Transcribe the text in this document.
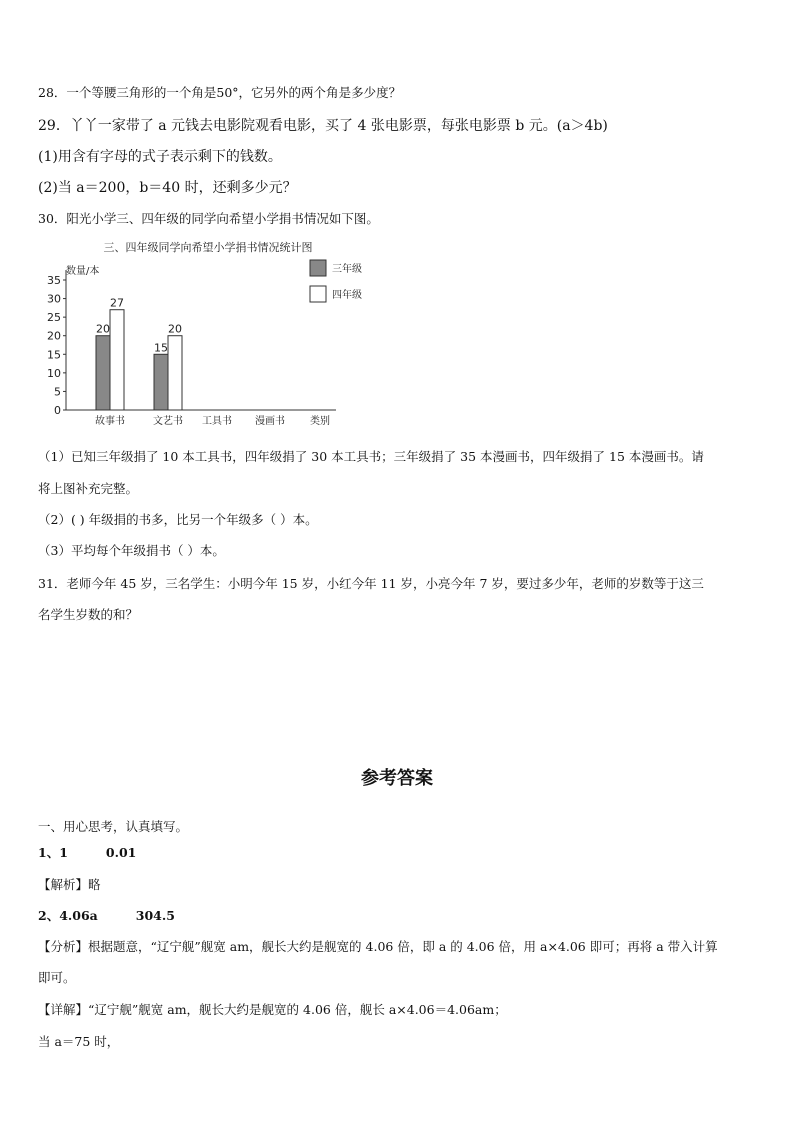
28．一个等腰三角形的一个角是50°，它另外的两个角是多少度？
29．丫丫一家带了 a 元钱去电影院观看电影，买了 4 张电影票，每张电影票 b 元。(a＞4b)
(1)用含有字母的式子表示剩下的钱数。
(2)当 a＝200，b＝40 时，还剩多少元？
30．阳光小学三、四年级的同学向希望小学捐书情况如下图。
三、四年级同学向希望小学捐书情况统计图
数量/本
类别
0
5
10
15
20
25
30
35
故事书
20
27
文艺书
15
20
工具书 漫画书
三年级
四年级
（1）已知三年级捐了 10 本工具书，四年级捐了 30 本工具书；三年级捐了 35 本漫画书，四年级捐了 15 本漫画书。请
将上图补充完整。
（2）( ) 年级捐的书多，比另一个年级多（ ）本。
（3）平均每个年级捐书（ ）本。
31．老师今年 45 岁，三名学生：小明今年 15 岁，小红今年 11 岁，小亮今年 7 岁，要过多少年，老师的岁数等于这三
名学生岁数的和？
参考答案
一、用心思考，认真填写。
1、1	0.01
【解析】略
2、4.06a	304.5
【分析】根据题意，“辽宁舰”舰宽 am，舰长大约是舰宽的 4.06 倍，即 a 的 4.06 倍，用 a×4.06 即可；再将 a 带入计算
即可。
【详解】“辽宁舰”舰宽 am，舰长大约是舰宽的 4.06 倍，舰长 a×4.06＝4.06am；
当 a＝75 时，
